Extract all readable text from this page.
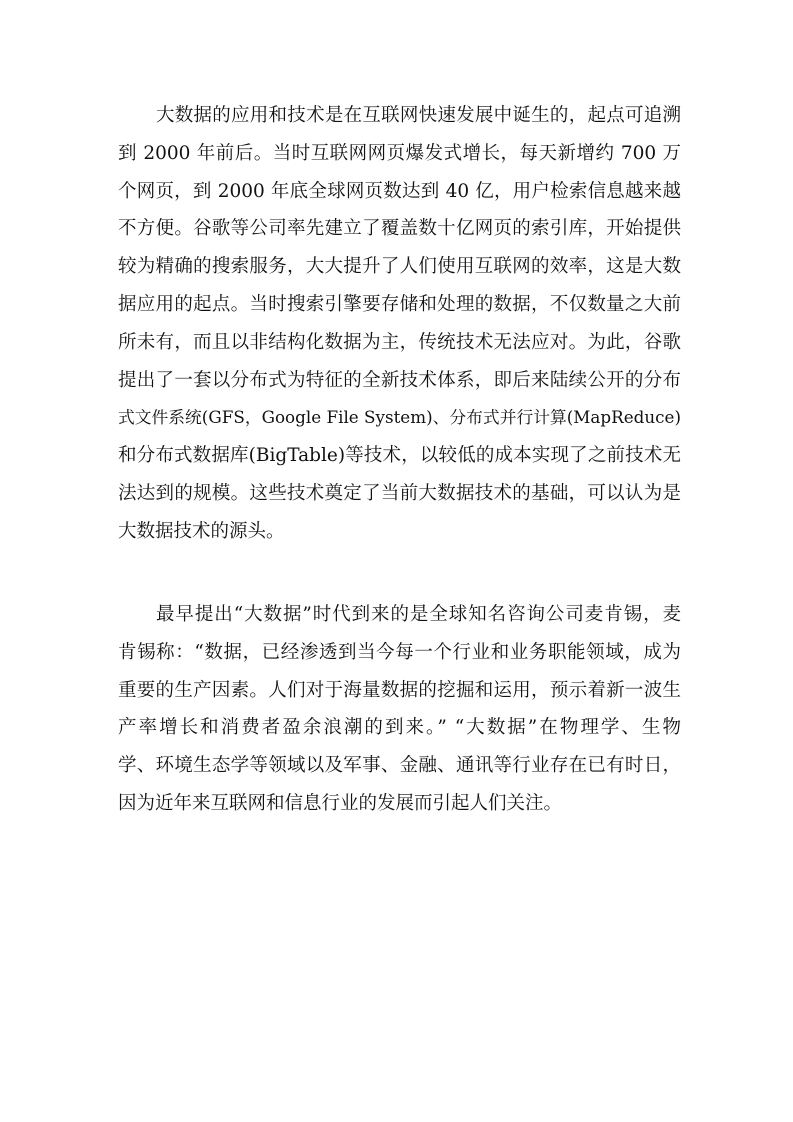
大数据的应用和技术是在互联网快速发展中诞生的，起点可追溯
到 2000 年前后。当时互联网网页爆发式增长，每天新增约 700 万
个网页，到 2000 年底全球网页数达到 40 亿，用户检索信息越来越
不方便。谷歌等公司率先建立了覆盖数十亿网页的索引库，开始提供
较为精确的搜索服务，大大提升了人们使用互联网的效率，这是大数
据应用的起点。当时搜索引擎要存储和处理的数据，不仅数量之大前
所未有，而且以非结构化数据为主，传统技术无法应对。为此，谷歌
提出了一套以分布式为特征的全新技术体系，即后来陆续公开的分布
式文件系统(GFS，Google File System)、分布式并行计算(MapReduce)
和分布式数据库(BigTable)等技术，以较低的成本实现了之前技术无
法达到的规模。这些技术奠定了当前大数据技术的基础，可以认为是
大数据技术的源头。
最早提出“大数据”时代到来的是全球知名咨询公司麦肯锡，麦
肯锡称：“数据，已经渗透到当今每一个行业和业务职能领域，成为
重要的生产因素。人们对于海量数据的挖掘和运用，预示着新一波生
产率增长和消费者盈余浪潮的到来。” “大数据”在物理学、生物
学、环境生态学等领域以及军事、金融、通讯等行业存在已有时日，
因为近年来互联网和信息行业的发展而引起人们关注。
